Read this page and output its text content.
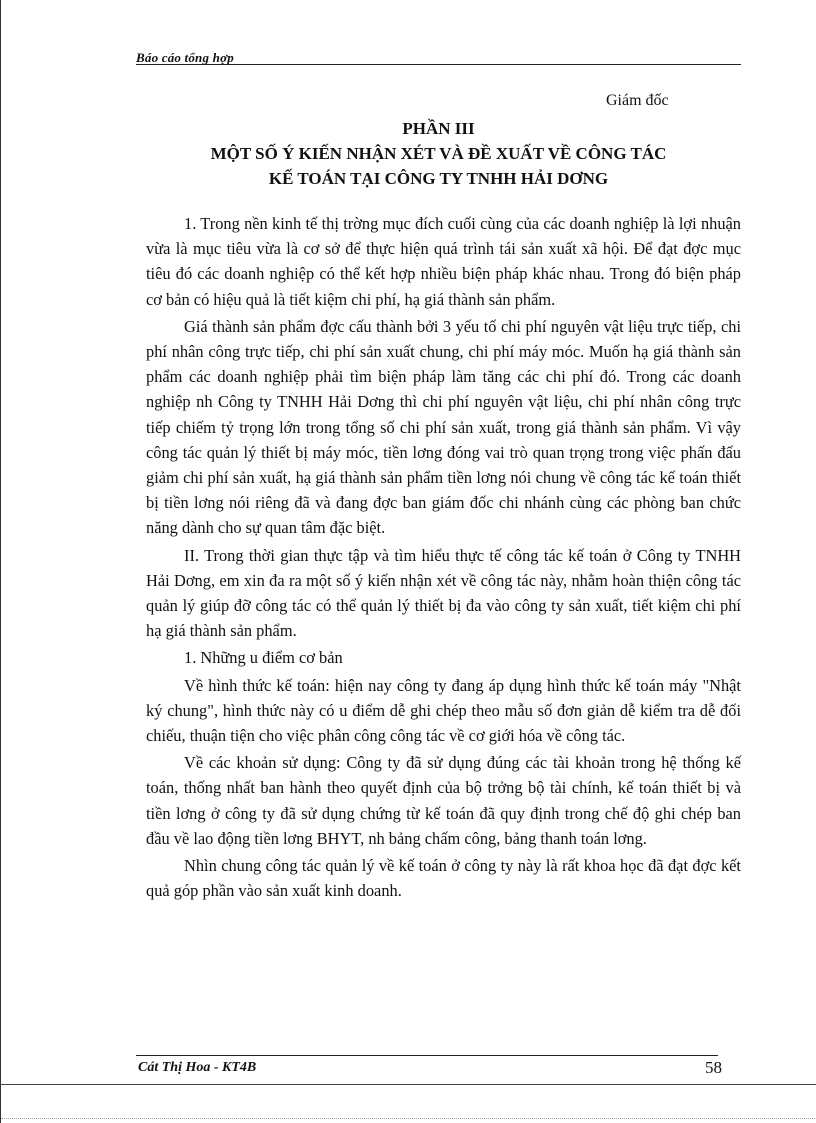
Báo cáo tổng hợp
Giám đốc
PHẦN III
MỘT SỐ Ý KIẾN NHẬN XÉT VÀ ĐỀ XUẤT VỀ CÔNG TÁC
KẾ TOÁN TẠI CÔNG TY TNHH HẢI DƠNG

1. Trong nền kinh tế thị trờng mục đích cuối cùng của các doanh nghiệp là lợi nhuận vừa là mục tiêu vừa là cơ sở để thực hiện quá trình tái sản xuất xã hội. Để đạt đợc mục tiêu đó các doanh nghiệp có thể kết hợp nhiều biện pháp khác nhau. Trong đó biện pháp cơ bản có hiệu quả là tiết kiệm chi phí, hạ giá thành sản phẩm.

Giá thành sản phẩm đợc cấu thành bởi 3 yếu tố chi phí nguyên vật liệu trực tiếp, chi phí nhân công trực tiếp, chi phí sản xuất chung, chi phí máy móc. Muốn hạ giá thành sản phẩm các doanh nghiệp phải tìm biện pháp làm tăng các chi phí đó. Trong các doanh nghiệp nh Công ty TNHH Hải Dơng thì chi phí nguyên vật liệu, chi phí nhân công trực tiếp chiếm tỷ trọng lớn trong tổng số chi phí sản xuất, trong giá thành sản phẩm. Vì vậy công tác quản lý thiết bị máy móc, tiền lơng đóng vai trò quan trọng trong việc phấn đấu giảm chi phí sản xuất, hạ giá thành sản phẩm tiền lơng nói chung về công tác kế toán thiết bị tiền lơng nói riêng đã và đang đợc ban giám đốc chi nhánh cùng các phòng ban chức năng dành cho sự quan tâm đặc biệt.

II. Trong thời gian thực tập và tìm hiểu thực tế công tác kế toán ở Công ty TNHH Hải Dơng, em xin đa ra một số ý kiến nhận xét về công tác này, nhằm hoàn thiện công tác quản lý giúp đỡ công tác có thể quản lý thiết bị đa vào công ty sản xuất, tiết kiệm chi phí hạ giá thành sản phẩm.

1. Những u điểm cơ bản

Về hình thức kế toán: hiện nay công ty đang áp dụng hình thức kế toán máy "Nhật ký chung", hình thức này có u điểm dễ ghi chép theo mẫu số đơn giản dễ kiểm tra dễ đối chiếu, thuận tiện cho việc phân công công tác về cơ giới hóa về công tác.

Về các khoản sử dụng: Công ty đã sử dụng đúng các tài khoản trong hệ thống kế toán, thống nhất ban hành theo quyết định của bộ trởng bộ tài chính, kế toán thiết bị và tiền lơng ở công ty đã sử dụng chứng từ kế toán đã quy định trong chế độ ghi chép ban đầu về lao động tiền lơng BHYT, nh bảng chấm công, bảng thanh toán lơng.

Nhìn chung công tác quản lý về kế toán ở công ty này là rất khoa học đã đạt đợc kết quả góp phần vào sản xuất kinh doanh.

Cát Thị Hoa - KT4B	58
